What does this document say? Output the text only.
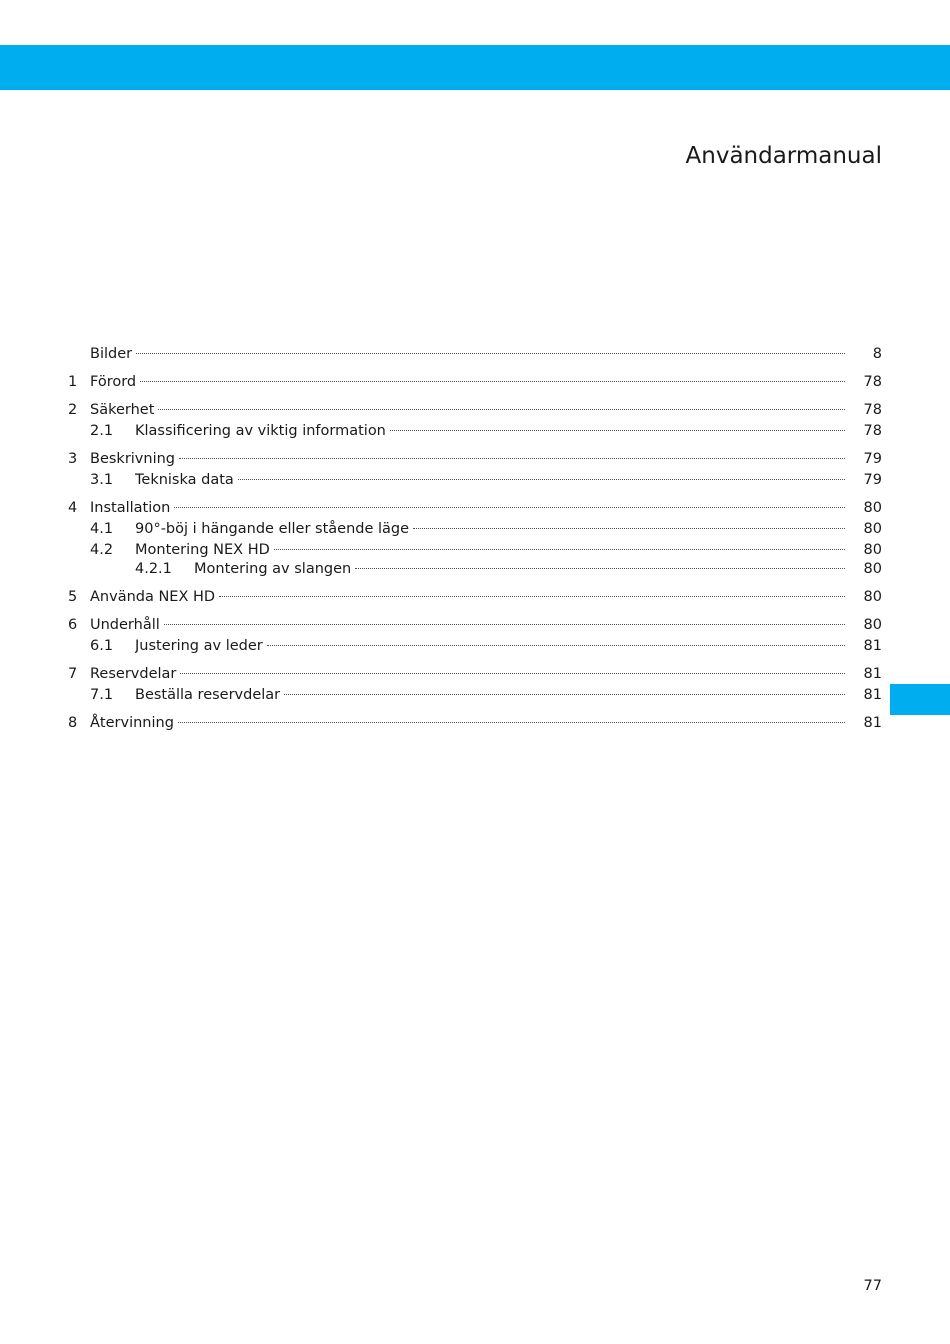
Användarmanual
Bilder	8
1 Förord	78
2 Säkerhet	78
2.1 Klassificering av viktig information	78
3 Beskrivning	79
3.1 Tekniska data	79
4 Installation	80
4.1 90°-böj i hängande eller stående läge	80
4.2 Montering NEX HD	80
4.2.1 Montering av slangen	80
5 Använda NEX HD	80
6 Underhåll	80
6.1 Justering av leder	81
7 Reservdelar	81
7.1 Beställa reservdelar	81
8 Återvinning	81
77
